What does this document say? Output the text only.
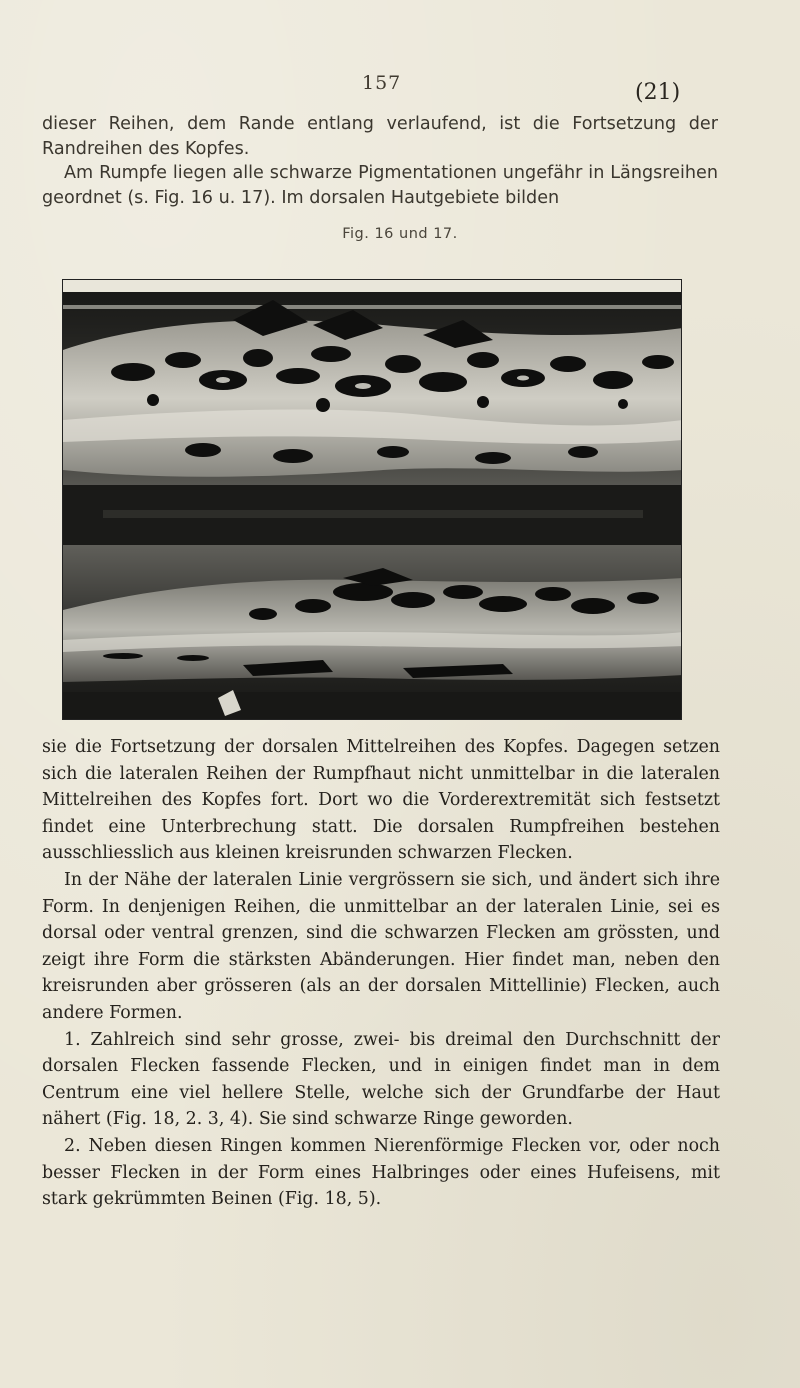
157	(21)

dieser Reihen, dem Rande entlang verlaufend, ist die Fortsetzung der Randreihen des Kopfes.

Am Rumpfe liegen alle schwarze Pigmentationen ungefähr in Längsreihen geordnet (s. Fig. 16 u. 17). Im dorsalen Hautgebiete bilden

Fig. 16 und 17.

sie die Fortsetzung der dorsalen Mittelreihen des Kopfes. Dagegen setzen sich die lateralen Reihen der Rumpfhaut nicht unmittelbar in die lateralen Mittelreihen des Kopfes fort. Dort wo die Vorderextremität sich festsetzt findet eine Unterbrechung statt. Die dorsalen Rumpfreihen bestehen ausschliesslich aus kleinen kreisrunden schwarzen Flecken.

In der Nähe der lateralen Linie vergrössern sie sich, und ändert sich ihre Form. In denjenigen Reihen, die unmittelbar an der lateralen Linie, sei es dorsal oder ventral grenzen, sind die schwarzen Flecken am grössten, und zeigt ihre Form die stärksten Abänderungen. Hier findet man, neben den kreisrunden aber grösseren (als an der dorsalen Mittellinie) Flecken, auch andere Formen.

1. Zahlreich sind sehr grosse, zwei- bis dreimal den Durchschnitt der dorsalen Flecken fassende Flecken, und in einigen findet man in dem Centrum eine viel hellere Stelle, welche sich der Grundfarbe der Haut nähert (Fig. 18, 2. 3, 4). Sie sind schwarze Ringe geworden.

2. Neben diesen Ringen kommen Nierenförmige Flecken vor, oder noch besser Flecken in der Form eines Halbringes oder eines Hufeisens, mit stark gekrümmten Beinen (Fig. 18, 5).
